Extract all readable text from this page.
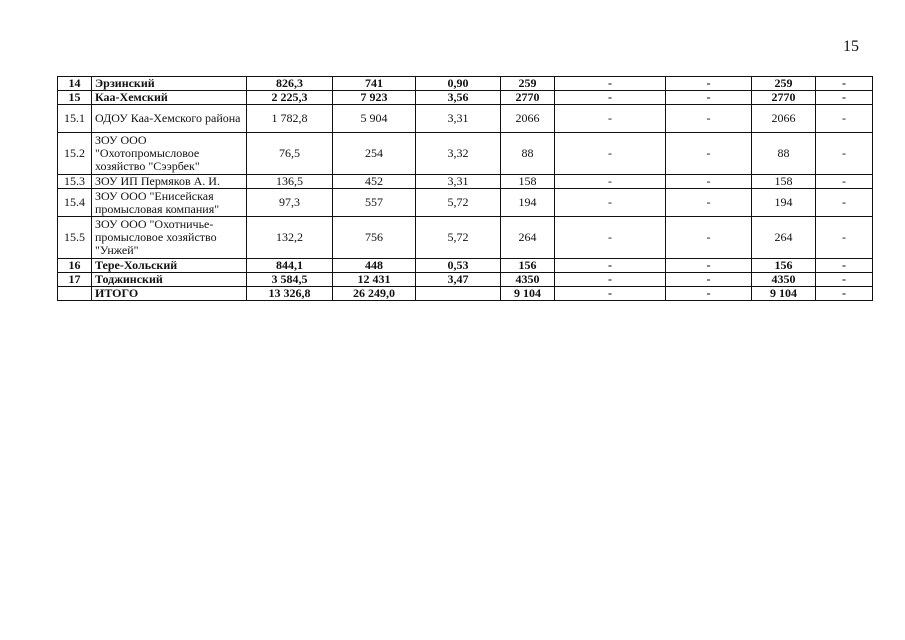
15
14	Эрзинский	826,3	741	0,90	259	-	-	259	-
15	Каа-Хемский	2 225,3	7 923	3,56	2770	-	-	2770	-
15.1	ОДОУ Каа-Хемского района	1 782,8	5 904	3,31	2066	-	-	2066	-
15.2	ЗОУ ООО "Охотопромысловое хозяйство "Сээрбек"	76,5	254	3,32	88	-	-	88	-
15.3	ЗОУ ИП Пермяков А. И.	136,5	452	3,31	158	-	-	158	-
15.4	ЗОУ ООО "Енисейская промысловая компания"	97,3	557	5,72	194	-	-	194	-
15.5	ЗОУ ООО "Охотничье-промысловое хозяйство "Унжей"	132,2	756	5,72	264	-	-	264	-
16	Тере-Хольский	844,1	448	0,53	156	-	-	156	-
17	Тоджинский	3 584,5	12 431	3,47	4350	-	-	4350	-
	ИТОГО	13 326,8	26 249,0		9 104	-	-	9 104	-
